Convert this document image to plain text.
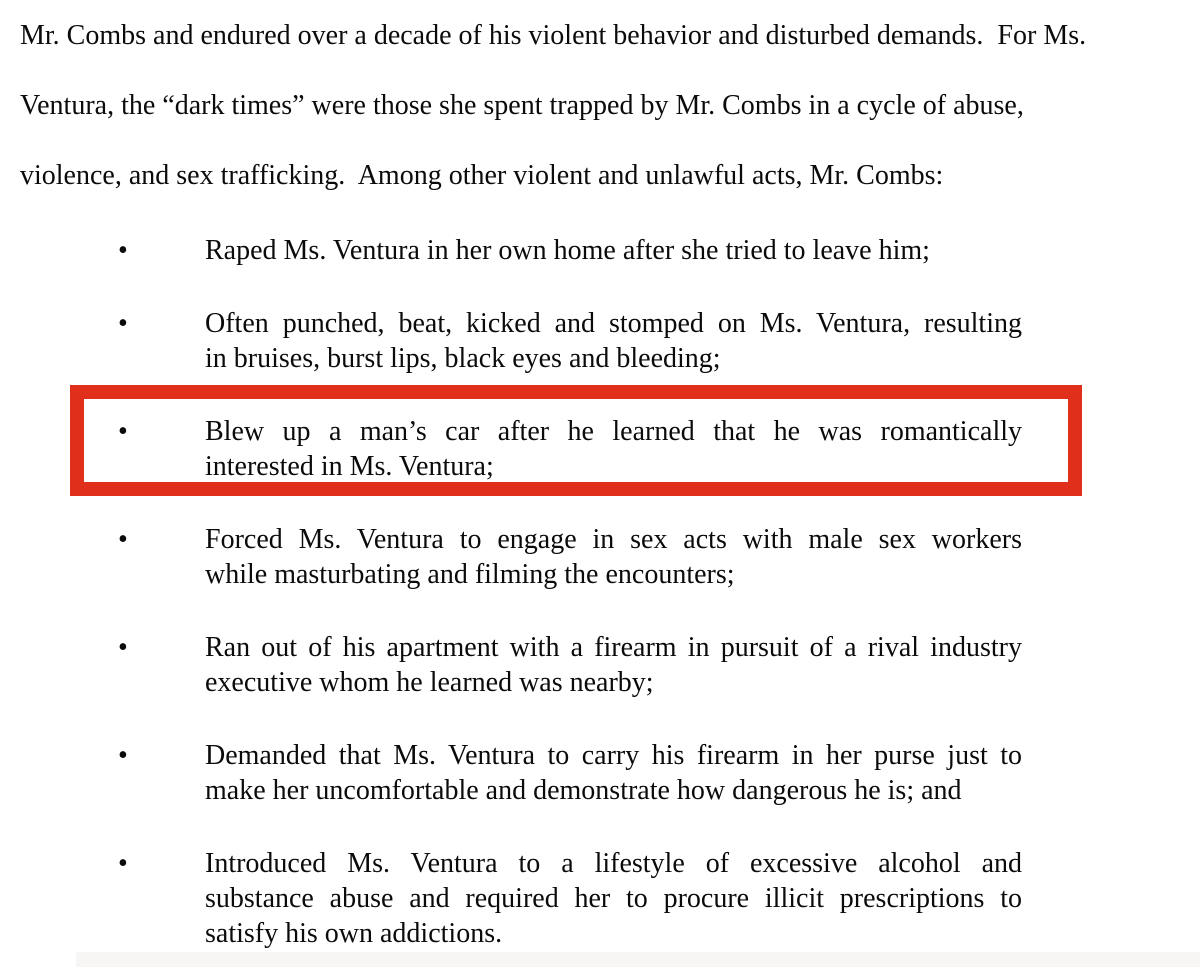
Mr. Combs and endured over a decade of his violent behavior and disturbed demands.  For Ms.
Ventura, the “dark times” were those she spent trapped by Mr. Combs in a cycle of abuse,
violence, and sex trafficking.  Among other violent and unlawful acts, Mr. Combs:
•	Raped Ms. Ventura in her own home after she tried to leave him;
•	Often punched, beat, kicked and stomped on Ms. Ventura, resulting
in bruises, burst lips, black eyes and bleeding;
•	Blew up a man’s car after he learned that he was romantically
interested in Ms. Ventura;
•	Forced Ms. Ventura to engage in sex acts with male sex workers
while masturbating and filming the encounters;
•	Ran out of his apartment with a firearm in pursuit of a rival industry
executive whom he learned was nearby;
•	Demanded that Ms. Ventura to carry his firearm in her purse just to
make her uncomfortable and demonstrate how dangerous he is; and
•	Introduced Ms. Ventura to a lifestyle of excessive alcohol and
substance abuse and required her to procure illicit prescriptions to
satisfy his own addictions.
